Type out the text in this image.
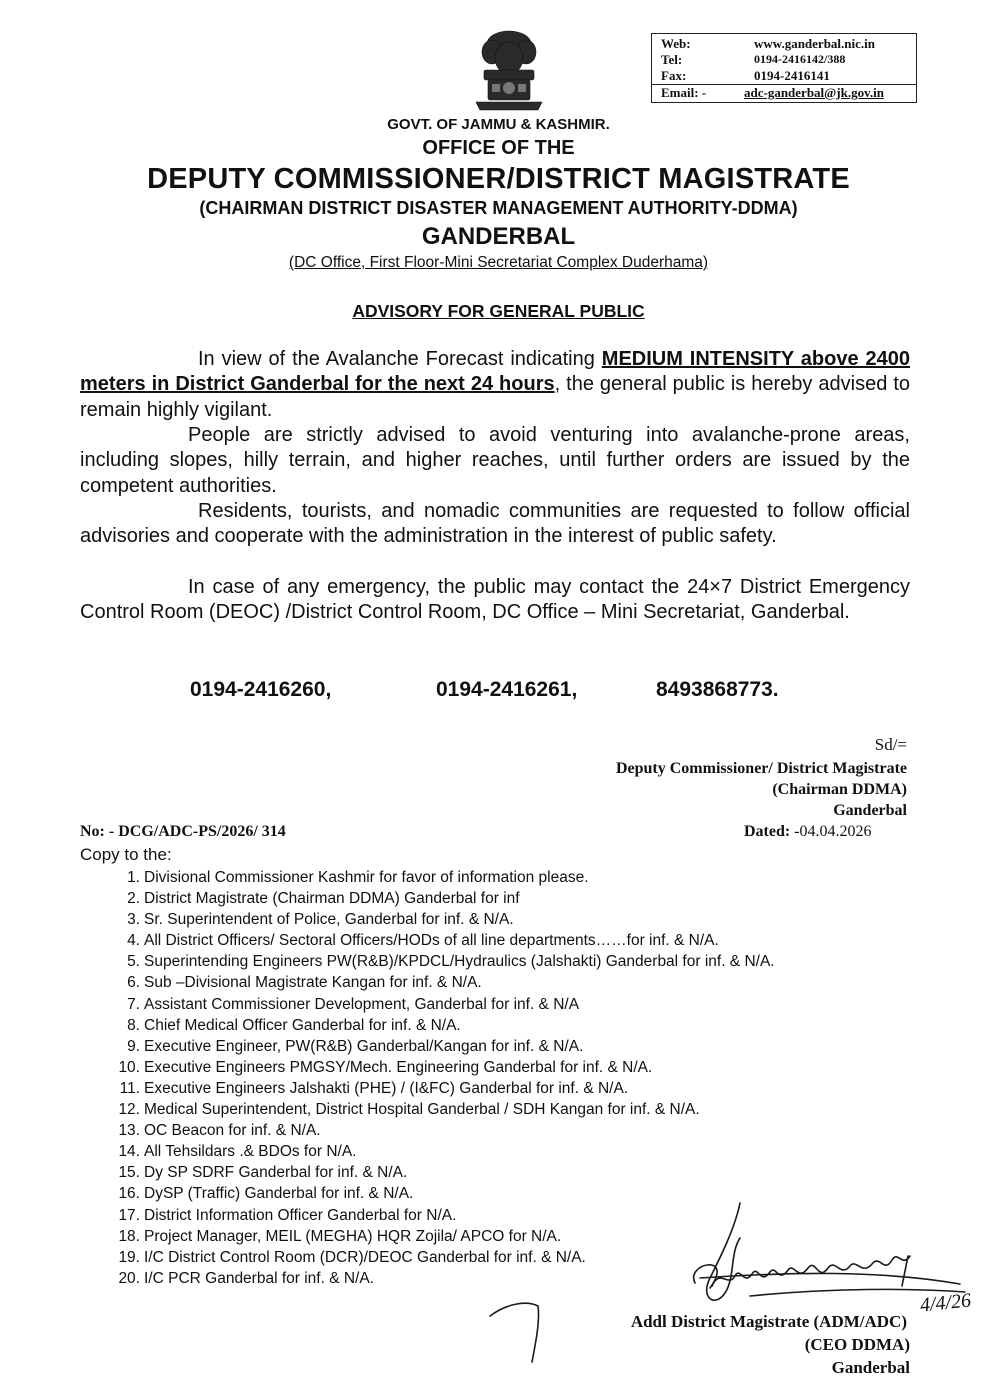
Web:	www.ganderbal.nic.in
Tel:	0194-2416142/388
Fax:	0194-2416141
Email: -	adc-ganderbal@jk.gov.in
GOVT. OF JAMMU & KASHMIR.
OFFICE OF THE
DEPUTY COMMISSIONER/DISTRICT MAGISTRATE
(CHAIRMAN DISTRICT DISASTER MANAGEMENT AUTHORITY-DDMA)
GANDERBAL
(DC Office, First Floor-Mini Secretariat Complex Duderhama)
ADVISORY FOR GENERAL PUBLIC

In view of the Avalanche Forecast indicating MEDIUM INTENSITY above 2400 meters in District Ganderbal for the next 24 hours, the general public is hereby advised to remain highly vigilant.

People are strictly advised to avoid venturing into avalanche-prone areas, including slopes, hilly terrain, and higher reaches, until further orders are issued by the competent authorities.

Residents, tourists, and nomadic communities are requested to follow official advisories and cooperate with the administration in the interest of public safety.

In case of any emergency, the public may contact the 24×7 District Emergency Control Room (DEOC) /District Control Room, DC Office – Mini Secretariat, Ganderbal.

0194-2416260,	0194-2416261,	8493868773.
Sd/=
Deputy Commissioner/ District Magistrate
(Chairman DDMA)
Ganderbal
No: - DCG/ADC-PS/2026/ 314	Dated: -04.04.2026
Copy to the:
1. Divisional Commissioner Kashmir for favor of information please.
2. District Magistrate (Chairman DDMA) Ganderbal for inf
3. Sr. Superintendent of Police, Ganderbal for inf. & N/A.
4. All District Officers/ Sectoral Officers/HODs of all line departments……for inf. & N/A.
5. Superintending Engineers PW(R&B)/KPDCL/Hydraulics (Jalshakti) Ganderbal for inf. & N/A.
6. Sub –Divisional Magistrate Kangan for inf. & N/A.
7. Assistant Commissioner Development, Ganderbal for inf. & N/A
8. Chief Medical Officer Ganderbal for inf. & N/A.
9. Executive Engineer, PW(R&B) Ganderbal/Kangan for inf. & N/A.
10. Executive Engineers PMGSY/Mech. Engineering Ganderbal for inf. & N/A.
11. Executive Engineers Jalshakti (PHE) / (I&FC) Ganderbal for inf. & N/A.
12. Medical Superintendent, District Hospital Ganderbal / SDH Kangan for inf. & N/A.
13. OC Beacon for inf. & N/A.
14. All Tehsildars .& BDOs for N/A.
15. Dy SP SDRF Ganderbal for inf. & N/A.
16. DySP (Traffic) Ganderbal for inf. & N/A.
17. District Information Officer Ganderbal for N/A.
18. Project Manager, MEIL (MEGHA) HQR Zojila/ APCO for N/A.
19. I/C District Control Room (DCR)/DEOC Ganderbal for inf. & N/A.
20. I/C PCR Ganderbal for inf. & N/A.
4/4/26
Addl District Magistrate (ADM/ADC)
(CEO DDMA)
Ganderbal
